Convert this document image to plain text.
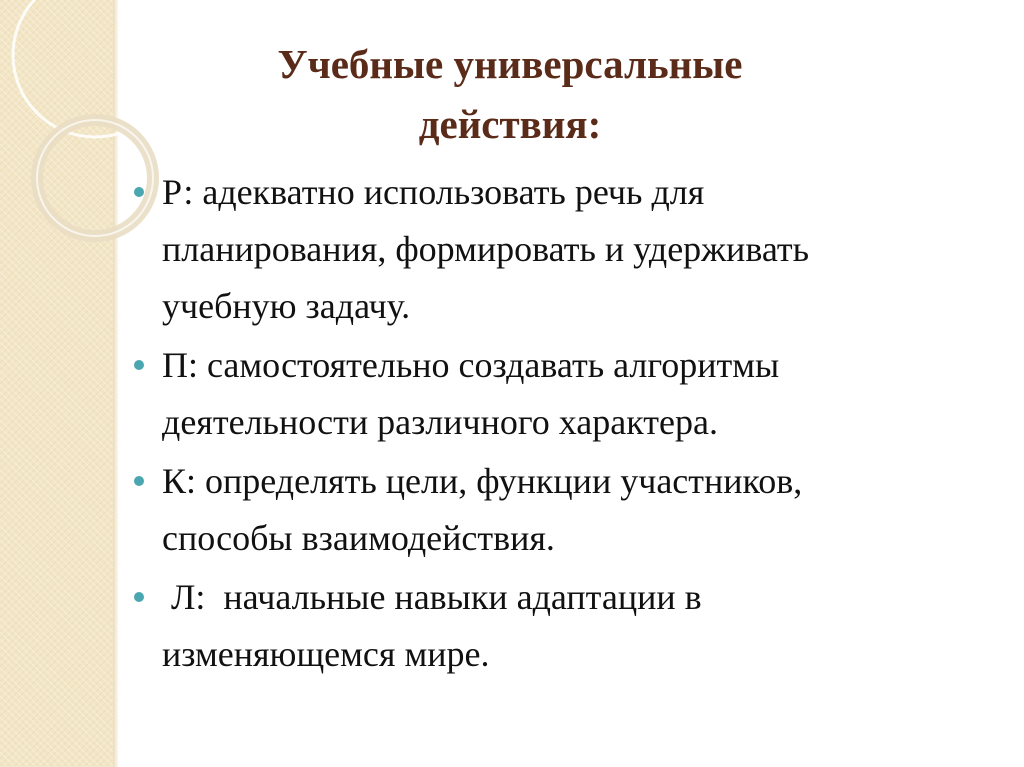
Учебные универсальные
действия:
Р: адекватно использовать речь для
планирования, формировать и удерживать
учебную задачу.
П: самостоятельно создавать алгоритмы
деятельности различного характера.
К: определять цели, функции участников,
способы взаимодействия.
Л:  начальные навыки адаптации в
изменяющемся мире.
